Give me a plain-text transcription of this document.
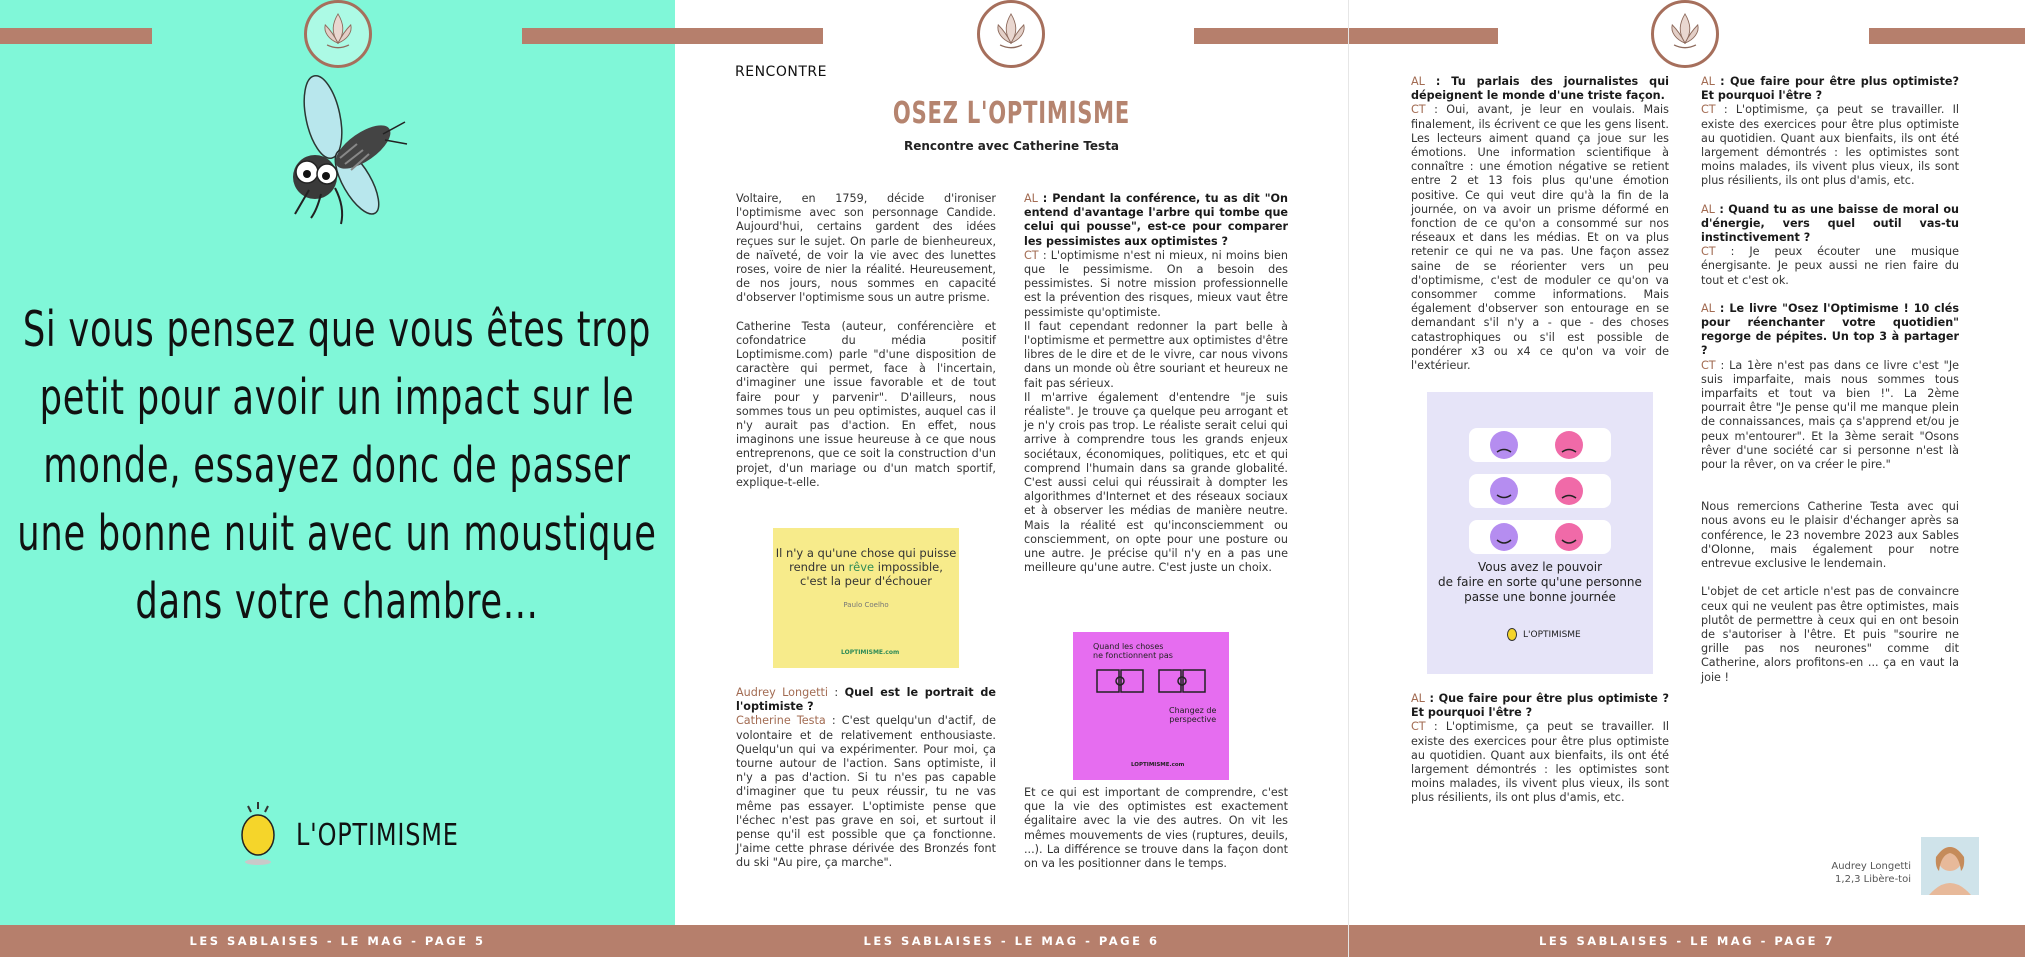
Si vous pensez que vous êtes trop petit pour avoir un impact sur le monde, essayez donc de passer une bonne nuit avec un moustique dans votre chambre...
L'OPTIMISME
LES SABLAISES - LE MAG - PAGE 5
RENCONTRE
OSEZ L'OPTIMISME
Rencontre avec Catherine Testa

Voltaire, en 1759, décide d'ironiser l'optimisme avec son personnage Candide. Aujourd'hui, certains gardent des idées reçues sur le sujet. On parle de bienheureux, de naïveté, de voir la vie avec des lunettes roses, voire de nier la réalité. Heureusement, de nos jours, nous sommes en capacité d'observer l'optimisme sous un autre prisme.

Catherine Testa (auteur, conférencière et cofondatrice du média positif Loptimisme.com) parle "d'une disposition de caractère qui permet, face à l'incertain, d'imaginer une issue favorable et de tout faire pour y parvenir". D'ailleurs, nous sommes tous un peu optimistes, auquel cas il n'y aurait pas d'action. En effet, nous imaginons une issue heureuse à ce que nous entreprenons, que ce soit la construction d'un projet, d'un mariage ou d'un match sportif, explique-t-elle.

Il n'y a qu'une chose qui puisse
rendre un rêve impossible,
c'est la peur d'échouer
Paulo Coelho
LOPTIMISME.com

Audrey Longetti : Quel est le portrait de l'optimiste ?

Catherine Testa : C'est quelqu'un d'actif, de volontaire et de relativement enthousiaste. Quelqu'un qui va expérimenter. Pour moi, ça tourne autour de l'action. Sans optimiste, il n'y a pas d'action. Si tu n'es pas capable d'imaginer que tu peux réussir, tu ne vas même pas essayer. L'optimiste pense que l'échec n'est pas grave en soi, et surtout il pense qu'il est possible que ça fonctionne. J'aime cette phrase dérivée des Bronzés font du ski "Au pire, ça marche".

AL : Pendant la conférence, tu as dit "On entend d'avantage l'arbre qui tombe que celui qui pousse", est-ce pour comparer les pessimistes aux optimistes ?

CT : L'optimisme n'est ni mieux, ni moins bien que le pessimisme. On a besoin des pessimistes. Si notre mission professionnelle est la prévention des risques, mieux vaut être pessimiste qu'optimiste.

Il faut cependant redonner la part belle à l'optimisme et permettre aux optimistes d'être libres de le dire et de le vivre, car nous vivons dans un monde où être souriant et heureux ne fait pas sérieux.

Il m'arrive également d'entendre "je suis réaliste". Je trouve ça quelque peu arrogant et je n'y crois pas trop. Le réaliste serait celui qui arrive à comprendre tous les grands enjeux sociétaux, économiques, politiques, etc et qui comprend l'humain dans sa grande globalité. C'est aussi celui qui réussirait à dompter les algorithmes d'Internet et des réseaux sociaux et à observer les médias de manière neutre. Mais la réalité est qu'inconsciemment ou consciemment, on opte pour une posture ou une autre. Je précise qu'il n'y en a pas une meilleure qu'une autre. C'est juste un choix.

Quand les choses
ne fonctionnent pas
Changez de
perspective
LOPTIMISME.com

Et ce qui est important de comprendre, c'est que la vie des optimistes est exactement égalitaire avec la vie des autres. On vit les mêmes mouvements de vies (ruptures, deuils, ...). La différence se trouve dans la façon dont on va les positionner dans le temps.

LES SABLAISES - LE MAG - PAGE 6

AL : Tu parlais des journalistes qui dépeignent le monde d'une triste façon.

CT : Oui, avant, je leur en voulais. Mais finalement, ils écrivent ce que les gens lisent. Les lecteurs aiment quand ça joue sur les émotions. Une information scientifique à connaître : une émotion négative se retient entre 2 et 13 fois plus qu'une émotion positive. Ce qui veut dire qu'à la fin de la journée, on va avoir un prisme déformé en fonction de ce qu'on a consommé sur nos réseaux et dans les médias. Et on va plus retenir ce qui ne va pas. Une façon assez saine de se réorienter vers un peu d'optimisme, c'est de moduler ce qu'on va consommer comme informations. Mais également d'observer son entourage en se demandant s'il n'y a - que - des choses catastrophiques ou s'il est possible de pondérer x3 ou x4 ce qu'on va voir de l'extérieur.

Vous avez le pouvoir
de faire en sorte qu'une personne
passe une bonne journée
L'OPTIMISME

AL : Que faire pour être plus optimiste ? Et pourquoi l'être ?

CT : L'optimisme, ça peut se travailler. Il existe des exercices pour être plus optimiste au quotidien. Quant aux bienfaits, ils ont été largement démontrés : les optimistes sont moins malades, ils vivent plus vieux, ils sont plus résilients, ils ont plus d'amis, etc.

AL : Que faire pour être plus optimiste? Et pourquoi l'être ?

CT : L'optimisme, ça peut se travailler. Il existe des exercices pour être plus optimiste au quotidien. Quant aux bienfaits, ils ont été largement démontrés : les optimistes sont moins malades, ils vivent plus vieux, ils sont plus résilients, ils ont plus d'amis, etc.

AL : Quand tu as une baisse de moral ou d'énergie, vers quel outil vas-tu instinctivement ?

CT : Je peux écouter une musique énergisante. Je peux aussi ne rien faire du tout et c'est ok.

AL : Le livre "Osez l'Optimisme ! 10 clés pour réenchanter votre quotidien" regorge de pépites. Un top 3 à partager ?

CT : La 1ère n'est pas dans ce livre c'est "Je suis imparfaite, mais nous sommes tous imparfaits et tout va bien !". La 2ème pourrait être "Je pense qu'il me manque plein de connaissances, mais ça s'apprend et/ou je peux m'entourer". Et la 3ème serait "Osons rêver d'une société car si personne n'est là pour la rêver, on va créer le pire."

Nous remercions Catherine Testa avec qui nous avons eu le plaisir d'échanger après sa conférence, le 23 novembre 2023 aux Sables d'Olonne, mais également pour notre entrevue exclusive le lendemain.

L'objet de cet article n'est pas de convaincre ceux qui ne veulent pas être optimistes, mais plutôt de permettre à ceux qui en ont besoin de s'autoriser à l'être. Et puis "sourire ne grille pas nos neurones" comme dit Catherine, alors profitons-en ... ça en vaut la joie !

Audrey Longetti
1,2,3 Libère-toi
LES SABLAISES - LE MAG - PAGE 7
